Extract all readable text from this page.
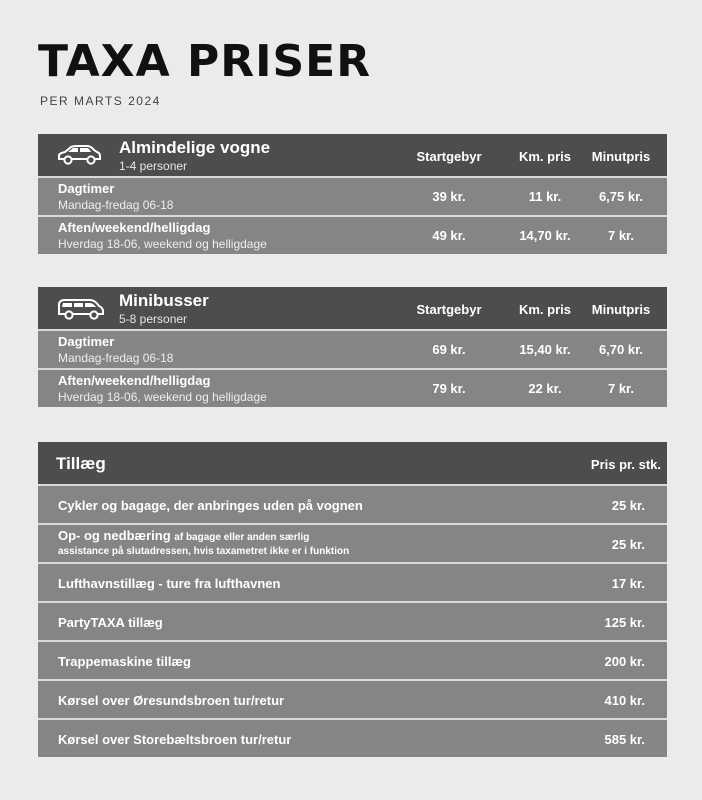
TAXA PRISER
PER MARTS 2024
Almindelige vogne
1-4 personer
Startgebyr	Km. pris	Minutpris
Dagtimer
Mandag-fredag 06-18
39 kr.	11 kr.	6,75 kr.
Aften/weekend/helligdag
Hverdag 18-06, weekend og helligdage
49 kr.	14,70 kr.	7 kr.
Minibusser
5-8 personer
Startgebyr	Km. pris	Minutpris
Dagtimer
Mandag-fredag 06-18
69 kr.	15,40 kr.	6,70 kr.
Aften/weekend/helligdag
Hverdag 18-06, weekend og helligdage
79 kr.	22 kr.	7 kr.
Tillæg	Pris pr. stk.
Cykler og bagage, der anbringes uden på vognen	25 kr.
Op- og nedbæring af bagage eller anden særlig
assistance på slutadressen, hvis taxametret ikke er i funktion	25 kr.
Lufthavnstillæg - ture fra lufthavnen	17 kr.
PartyTAXA tillæg	125 kr.
Trappemaskine tillæg	200 kr.
Kørsel over Øresundsbroen tur/retur	410 kr.
Kørsel over Storebæltsbroen tur/retur	585 kr.
